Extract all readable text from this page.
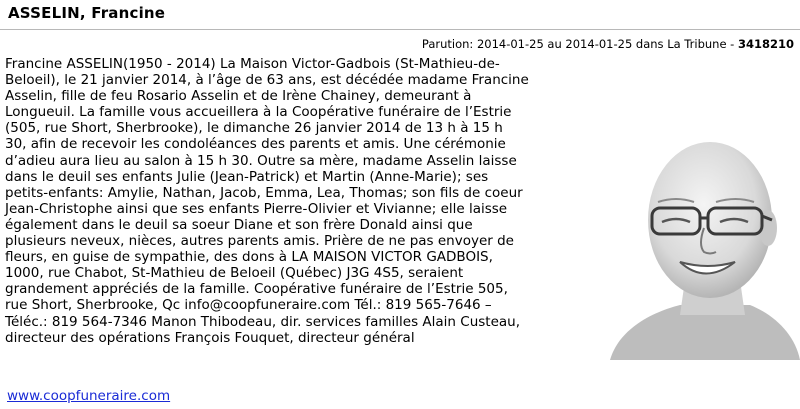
ASSELIN, Francine
Parution: 2014-01-25 au 2014-01-25 dans La Tribune - 3418210
Francine ASSELIN(1950 - 2014) La Maison Victor-Gadbois (St-Mathieu-de-
Beloeil), le 21 janvier 2014, à l’âge de 63 ans, est décédée madame Francine
Asselin, fille de feu Rosario Asselin et de Irène Chainey, demeurant à
Longueuil. La famille vous accueillera à la Coopérative funéraire de l’Estrie
(505, rue Short, Sherbrooke), le dimanche 26 janvier 2014 de 13 h à 15 h
30, afin de recevoir les condoléances des parents et amis. Une cérémonie
d’adieu aura lieu au salon à 15 h 30. Outre sa mère, madame Asselin laisse
dans le deuil ses enfants Julie (Jean-Patrick) et Martin (Anne-Marie); ses
petits-enfants: Amylie, Nathan, Jacob, Emma, Lea, Thomas; son fils de coeur
Jean-Christophe ainsi que ses enfants Pierre-Olivier et Vivianne; elle laisse
également dans le deuil sa soeur Diane et son frère Donald ainsi que
plusieurs neveux, nièces, autres parents amis. Prière de ne pas envoyer de
fleurs, en guise de sympathie, des dons à LA MAISON VICTOR GADBOIS,
1000, rue Chabot, St-Mathieu de Beloeil (Québec) J3G 4S5, seraient
grandement appréciés de la famille. Coopérative funéraire de l’Estrie 505,
rue Short, Sherbrooke, Qc info@coopfuneraire.com Tél.: 819 565-7646 –
Téléc.: 819 564-7346 Manon Thibodeau, dir. services familles Alain Custeau,
directeur des opérations François Fouquet, directeur général
www.coopfuneraire.com
